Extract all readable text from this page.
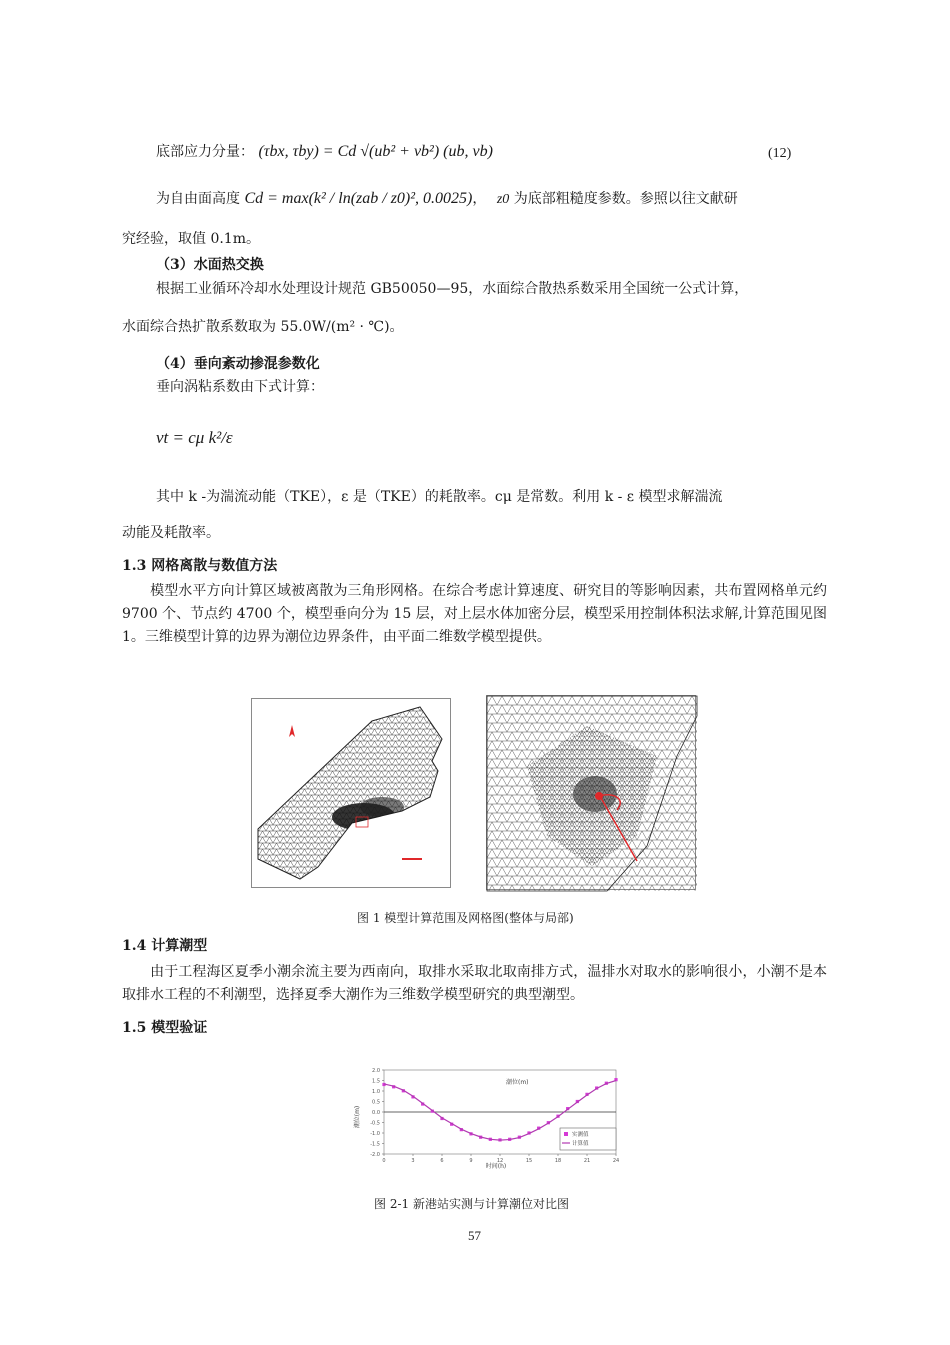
底部应力分量： (τbx, τby) = Cd √(ub² + vb²) (ub, vb)	(12)
为自由面高度 Cd = max(k² / ln(zab / z0)², 0.0025)， z0 为底部粗糙度参数。参照以往文献研
究经验，取值 0.1m。
（3）水面热交换
根据工业循环冷却水处理设计规范 GB50050—95，水面综合散热系数采用全国统一公式计算，
水面综合热扩散系数取为 55.0W/(m² · ℃)。
（4）垂向紊动掺混参数化
垂向涡粘系数由下式计算：
νt = cμ k²/ε
其中 k -为湍流动能（TKE），ε 是（TKE）的耗散率。cμ 是常数。利用 k - ε 模型求解湍流
动能及耗散率。
1.3 网格离散与数值方法
模型水平方向计算区域被离散为三角形网格。在综合考虑计算速度、研究目的等影响因素，共布置网格单元约 9700 个、节点约 4700 个，模型垂向分为 15 层，对上层水体加密分层，模型采用控制体积法求解,计算范围见图 1。三维模型计算的边界为潮位边界条件，由平面二维数学模型提供。
图 1 模型计算范围及网格图(整体与局部)
1.4 计算潮型
由于工程海区夏季小潮余流主要为西南向，取排水采取北取南排方式，温排水对取水的影响很小，小潮不是本取排水工程的不利潮型，选择夏季大潮作为三维数学模型研究的典型潮型。
1.5 模型验证
潮位(m)
潮位(m)
时间(h)
-2.0
-1.5
-1.0
-0.5
0.0
0.5
1.0
1.5
2.0
0	3	6	9	12	15	18	21	24
实测值
计算值
图 2-1 新港站实测与计算潮位对比图
57
